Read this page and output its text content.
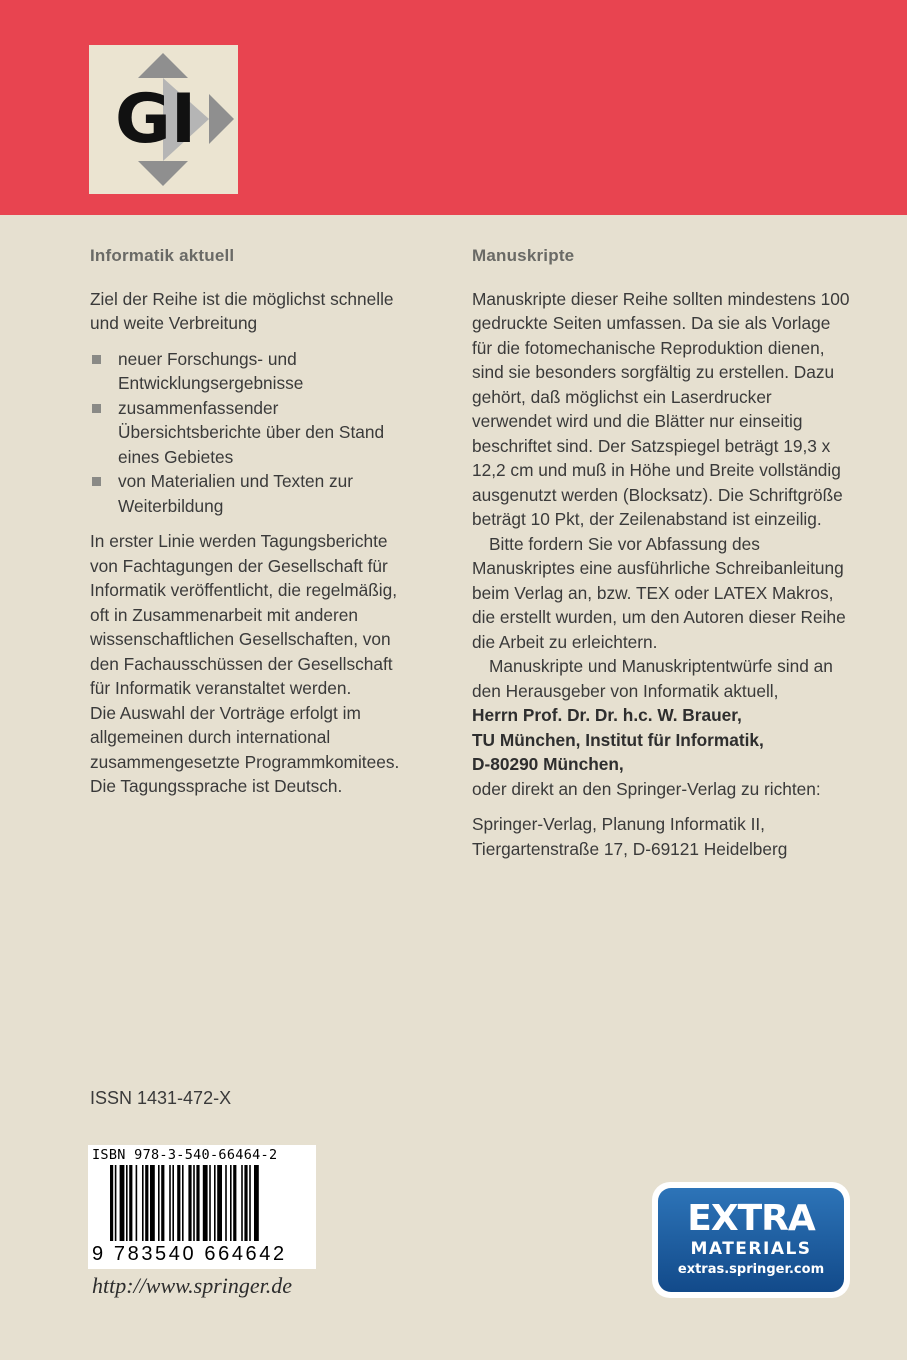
GI
Informatik aktuell

Ziel der Reihe ist die möglichst schnelle und weite Verbreitung

neuer Forschungs- und Entwicklungsergebnisse
zusammenfassender Übersichtsberichte über den Stand eines Gebietes
von Materialien und Texten zur Weiterbildung

In erster Linie werden Tagungsberichte von Fachtagungen der Gesellschaft für Informatik veröffentlicht, die regelmäßig, oft in Zusammenarbeit mit anderen wissenschaftlichen Gesellschaften, von den Fachausschüssen der Gesellschaft für Informatik veranstaltet werden.

Die Auswahl der Vorträge erfolgt im allgemeinen durch international zusammengesetzte Programmkomitees.

Die Tagungssprache ist Deutsch.

Manuskripte

Manuskripte dieser Reihe sollten mindestens 100 gedruckte Seiten umfassen. Da sie als Vorlage für die fotomechanische Reproduktion dienen, sind sie besonders sorgfältig zu erstellen. Dazu gehört, daß möglichst ein Laserdrucker verwendet wird und die Blätter nur einseitig beschriftet sind. Der Satzspiegel beträgt 19,3 x 12,2 cm und muß in Höhe und Breite vollständig ausgenutzt werden (Blocksatz). Die Schriftgröße beträgt 10 Pkt, der Zeilenabstand ist einzeilig.

Bitte fordern Sie vor Abfassung des Manuskriptes eine ausführliche Schreibanleitung beim Verlag an, bzw. TEX oder LATEX Makros, die erstellt wurden, um den Autoren dieser Reihe die Arbeit zu erleichtern.

Manuskripte und Manuskriptentwürfe sind an den Herausgeber von Informatik aktuell,

Herrn Prof. Dr. Dr. h.c. W. Brauer,
TU München, Institut für Informatik,
D-80290 München,

oder direkt an den Springer-Verlag zu richten:

Springer-Verlag, Planung Informatik II,
Tiergartenstraße 17, D-69121 Heidelberg
ISSN 1431-472-X
ISBN 978-3-540-66464-2
9 783540 664642
http://www.springer.de
EXTRA
MATERIALS
extras.springer.com
